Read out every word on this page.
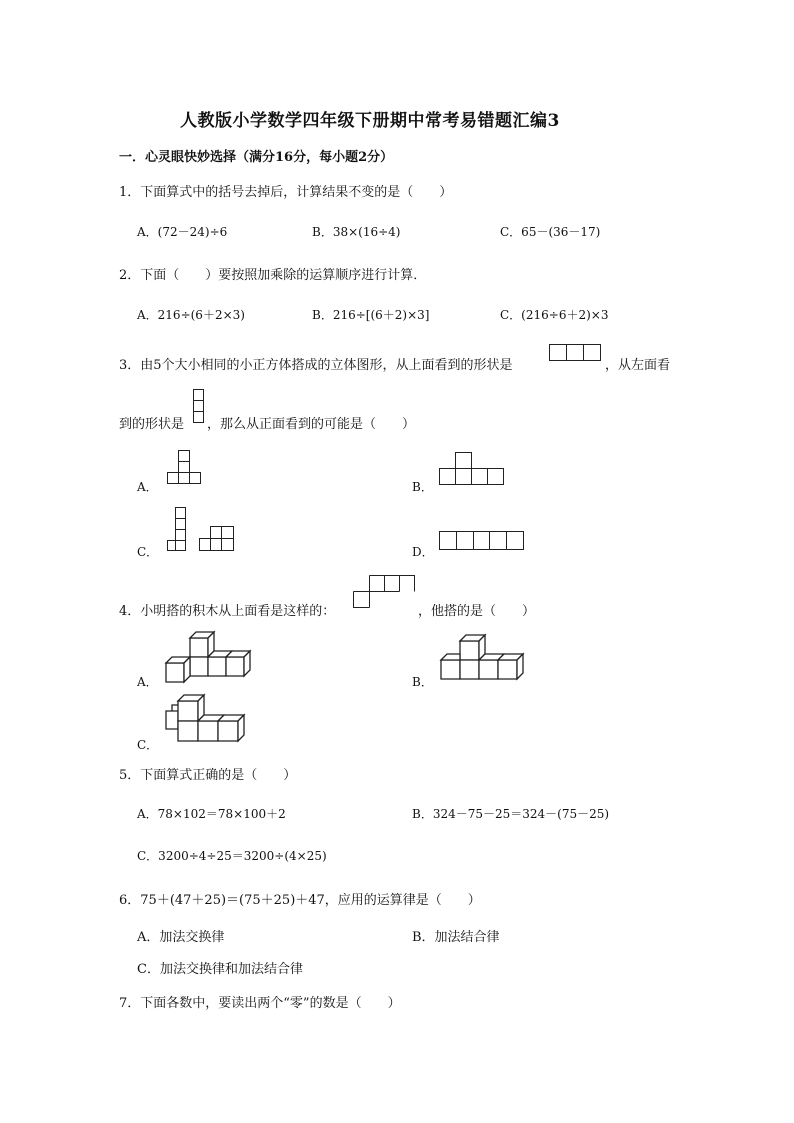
人教版小学数学四年级下册期中常考易错题汇编3
一．心灵眼快妙选择（满分16分，每小题2分）
1．下面算式中的括号去掉后，计算结果不变的是（　　）
A．(72－24)÷6	B．38×(16÷4)	C．65－(36－17)
2．下面（　　）要按照加乘除的运算顺序进行计算．
A．216÷(6＋2×3)	B．216÷[(6＋2)×3]	C．(216÷6＋2)×3
3．由5个大小相同的小正方体搭成的立体图形，从上面看到的形状是	，从左面看
到的形状是 ，那么从正面看到的可能是（　　）
A．	B．
C．	D．
4．小明搭的积木从上面看是这样的：	，他搭的是（　　）
A．	B．
C．
5．下面算式正确的是（　　）
A．78×102＝78×100＋2	B．324－75－25＝324－(75－25)
C．3200÷4÷25＝3200÷(4×25)
6．75＋(47＋25)＝(75＋25)＋47，应用的运算律是（　　）
A．加法交换律	B．加法结合律
C．加法交换律和加法结合律
7．下面各数中，要读出两个“零”的数是（　　）
